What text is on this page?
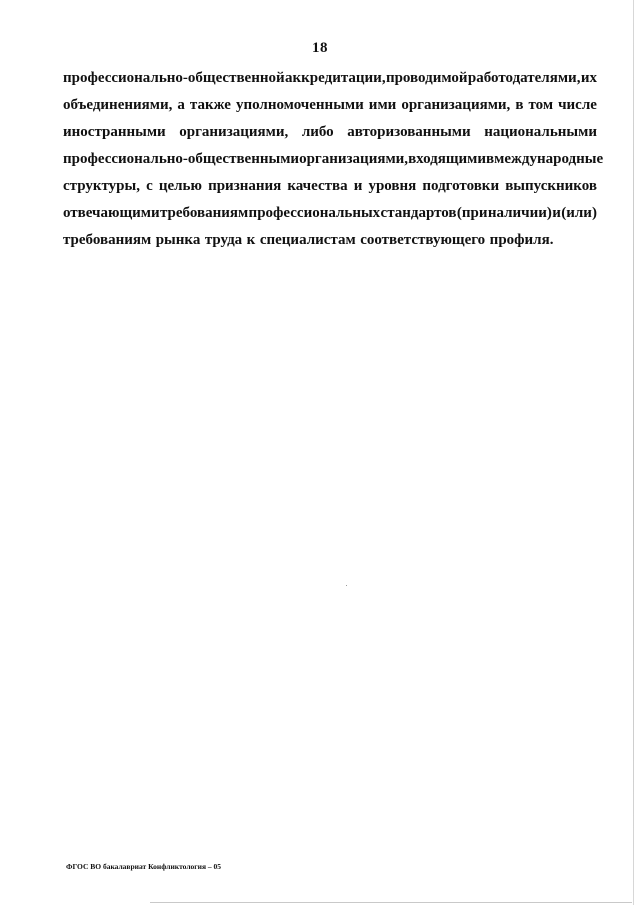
18
профессионально-общественной аккредитации, проводимой работодателями, их
объединениями, а также уполномоченными ими организациями, в том числе
иностранными организациями, либо авторизованными национальными
профессионально-общественными организациями, входящими в международные
структуры, с целью признания качества и уровня подготовки выпускников
отвечающими требованиям профессиональных стандартов (при наличии) и (или)
требованиям рынка труда к специалистам соответствующего профиля.
ФГОС ВО бакалавриат Конфликтология – 05
